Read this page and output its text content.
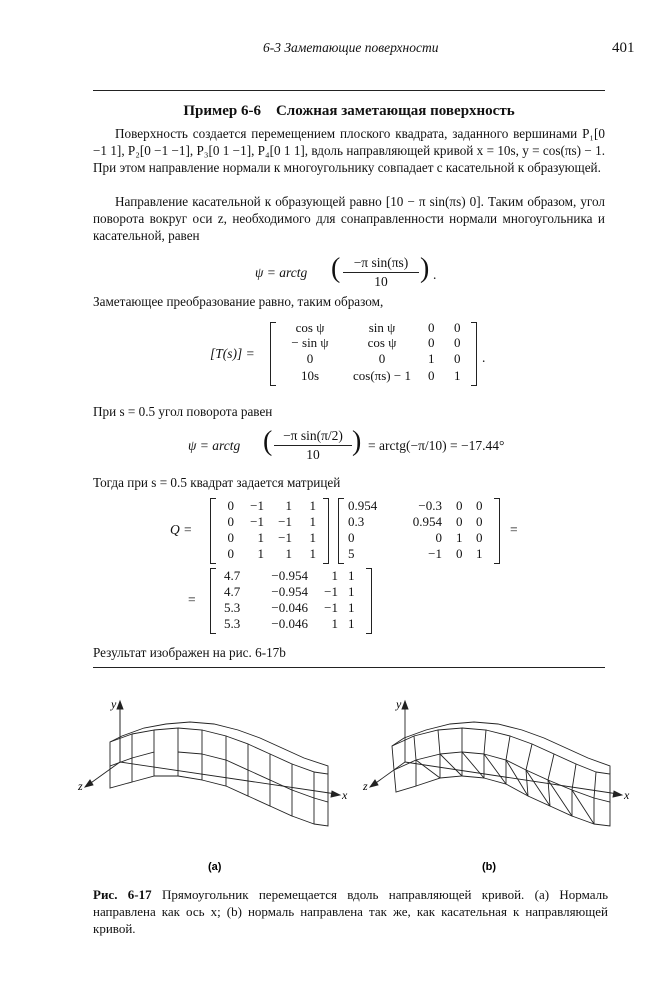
6-3 Заметающие поверхности	401
Пример 6-6    Сложная заметающая поверхность

Поверхность создается перемещением плоского квадрата, заданного вершинами P₁[0 −1 1], P₂[0 −1 −1], P₃[0 1 −1], P₄[0 1 1], вдоль направляющей кривой x = 10s, y = cos(πs) − 1. При этом направление нормали к многоугольнику совпадает с касательной к образующей.

Направление касательной к образующей равно [10 − π sin(πs) 0]. Таким образом, угол поворота вокруг оси z, необходимого для сонаправленности нормали многоугольника и касательной, равен

ψ = arctg ( −π sin(πs)
10	) .
Заметающее преобразование равно, таким образом,
[T(s)] =
cos ψ	sin ψ	0 0
− sin ψ	cos ψ	0 0
0	0	1 0
10s	cos(πs) − 1	0 1
.
При s = 0.5 угол поворота равен
ψ = arctg ( −π sin(π/2)
10	) = arctg(−π/10) = −17.44°
Тогда при s = 0.5 квадрат задается матрицей
Q =	=
0	−1	1	1
0	−1	−1	1
0	1	−1	1
0	1	1	1
0.954	−0.3 0 0
0.3	0.954 0 0
0	0 1 0
5	−1 0 1
=
4.7	−0.954	1 1
4.7	−0.954	−1 1
5.3	−0.046	−1 1
5.3	−0.046	1 1
Результат изображен на рис. 6-17b
y
z
x
(a)
y
z
x
(b)
Рис. 6-17 Прямоугольник перемещается вдоль направляющей кривой. (a) Нормаль направлена как ось x; (b) нормаль направлена так же, как касательная к направляющей кривой.
